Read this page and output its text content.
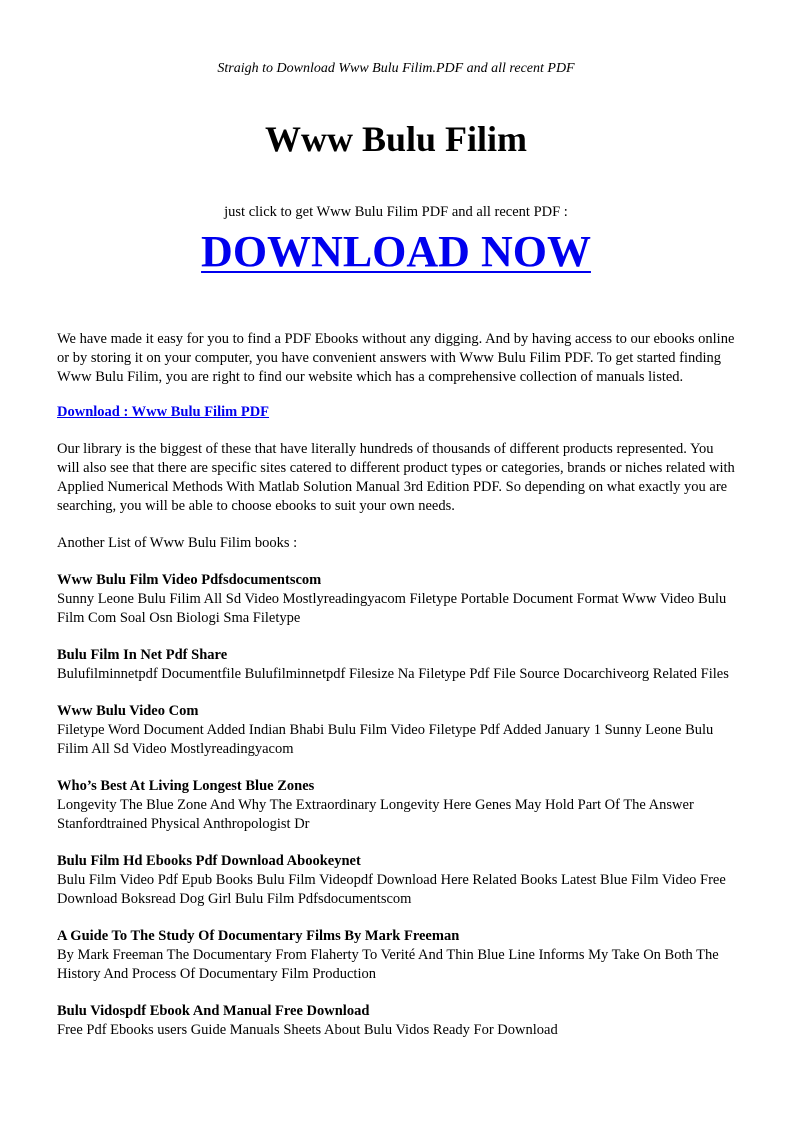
Straigh to Download Www Bulu Filim.PDF and all recent PDF
Www Bulu Filim
just click to get Www Bulu Filim PDF and all recent PDF :
DOWNLOAD NOW

We have made it easy for you to find a PDF Ebooks without any digging. And by having access to our ebooks online or by storing it on your computer, you have convenient answers with Www Bulu Filim PDF. To get started finding Www Bulu Filim, you are right to find our website which has a comprehensive collection of manuals listed.

Download : Www Bulu Filim PDF

Our library is the biggest of these that have literally hundreds of thousands of different products represented. You will also see that there are specific sites catered to different product types or categories, brands or niches related with Applied Numerical Methods With Matlab Solution Manual 3rd Edition PDF. So depending on what exactly you are searching, you will be able to choose ebooks to suit your own needs.

Another List of Www Bulu Filim books :

Www Bulu Film Video Pdfsdocumentscom
Sunny Leone Bulu Filim All Sd Video Mostlyreadingyacom Filetype Portable Document Format Www Video Bulu Film Com Soal Osn Biologi Sma Filetype
Bulu Film In Net Pdf Share
Bulufilminnetpdf Documentfile Bulufilminnetpdf Filesize Na Filetype Pdf File Source Docarchiveorg Related Files
Www Bulu Video Com
Filetype Word Document Added Indian Bhabi Bulu Film Video Filetype Pdf Added January 1 Sunny Leone Bulu Filim All Sd Video Mostlyreadingyacom
Who’s Best At Living Longest Blue Zones
Longevity The Blue Zone And Why The Extraordinary Longevity Here Genes May Hold Part Of The Answer Stanfordtrained Physical Anthropologist Dr
Bulu Film Hd Ebooks Pdf Download Abookeynet
Bulu Film Video Pdf Epub Books Bulu Film Videopdf Download Here Related Books Latest Blue Film Video Free Download Boksread Dog Girl Bulu Film Pdfsdocumentscom
A Guide To The Study Of Documentary Films By Mark Freeman
By Mark Freeman The Documentary From Flaherty To Verité And Thin Blue Line Informs My Take On Both The History And Process Of Documentary Film Production
Bulu Vidospdf Ebook And Manual Free Download
Free Pdf Ebooks users Guide Manuals Sheets About Bulu Vidos Ready For Download
